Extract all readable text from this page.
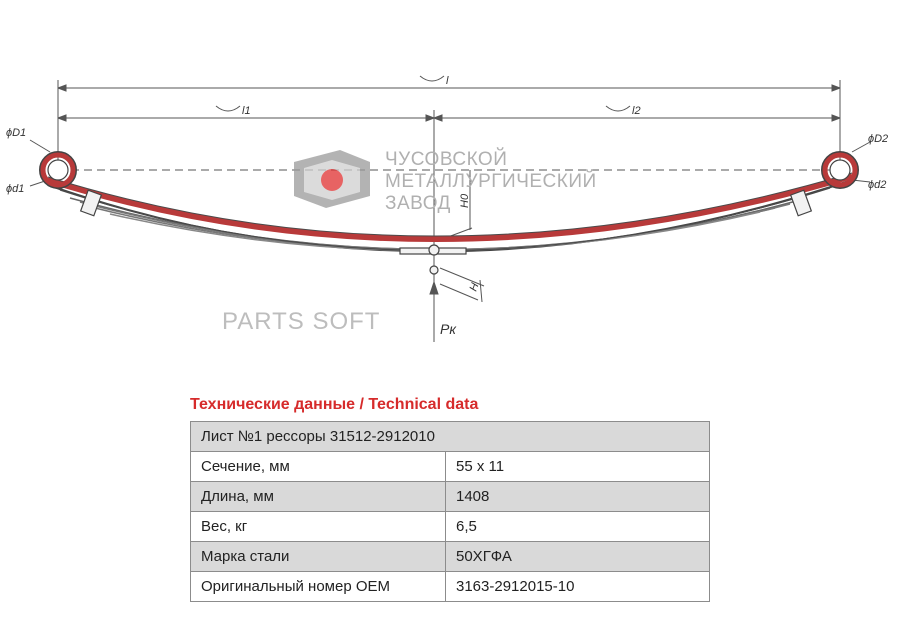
l
l1	l2
ϕD1
ϕd1
ϕD2
ϕd2
H0
H
Pк
ЧУСОВСКОЙ
МЕТАЛЛУРГИЧЕСКИЙ
ЗАВОД
PARTS SOFT
Технические данные / Technical data
Лист №1 рессоры 31512-2912010	
Сечение, мм	55 х 11
Длина, мм	1408
Вес, кг	6,5
Марка стали	50ХГФА
Оригинальный номер OEM	3163-2912015-10
